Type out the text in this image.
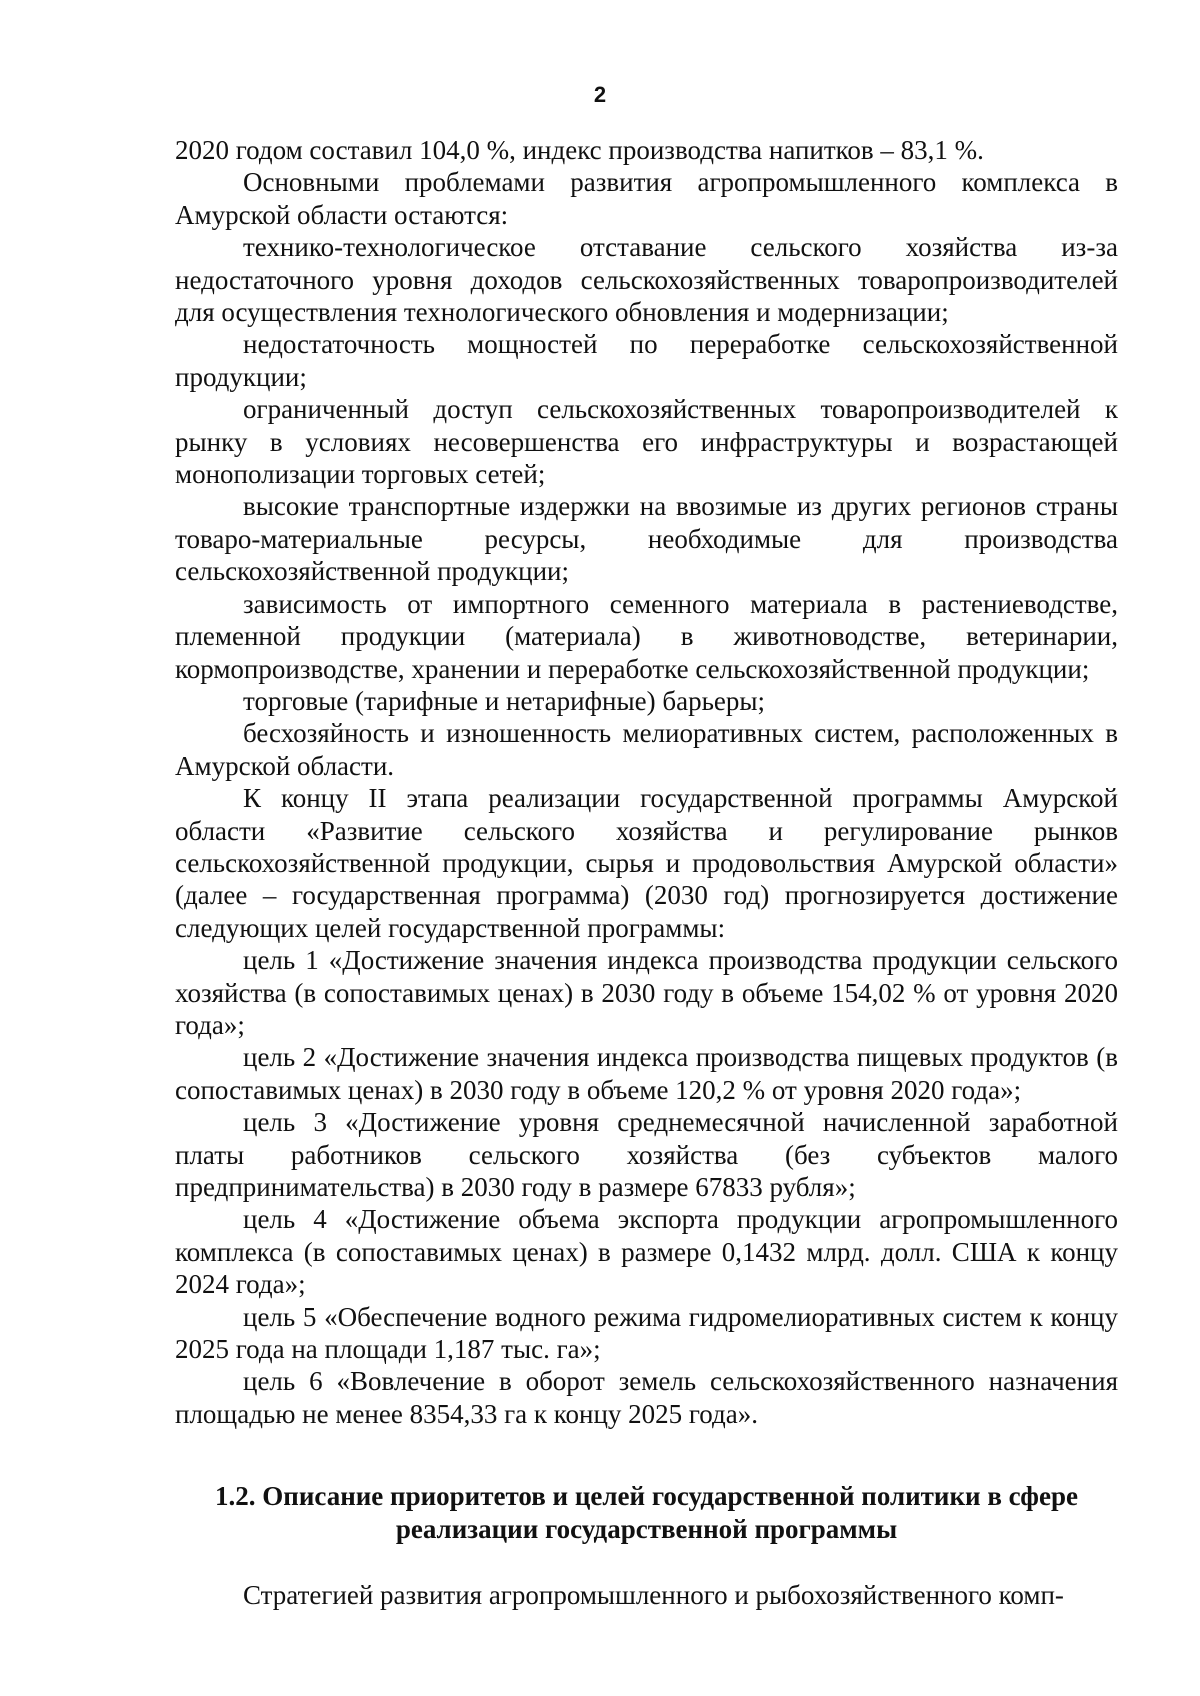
2

2020 годом составил 104,0 %, индекс производства напитков – 83,1 %.

Основными проблемами развития агропромышленного комплекса в Амурской области остаются:

технико-технологическое отставание сельского хозяйства из-за недостаточного уровня доходов сельскохозяйственных товаропроизводителей для осуществления технологического обновления и модернизации;

недостаточность мощностей по переработке сельскохозяйственной продукции;

ограниченный доступ сельскохозяйственных товаропроизводителей к рынку в условиях несовершенства его инфраструктуры и возрастающей монополизации торговых сетей;

высокие транспортные издержки на ввозимые из других регионов страны товаро-материальные ресурсы, необходимые для производства сельскохозяйственной продукции;

зависимость от импортного семенного материала в растениеводстве, племенной продукции (материала) в животноводстве, ветеринарии, кормопроизводстве, хранении и переработке сельскохозяйственной продукции;

торговые (тарифные и нетарифные) барьеры;

бесхозяйность и изношенность мелиоративных систем, расположенных в Амурской области.

К концу II этапа реализации государственной программы Амурской области «Развитие сельского хозяйства и регулирование рынков сельскохозяйственной продукции, сырья и продовольствия Амурской области» (далее – государственная программа) (2030 год) прогнозируется достижение следующих целей государственной программы:

цель 1 «Достижение значения индекса производства продукции сельского хозяйства (в сопоставимых ценах) в 2030 году в объеме 154,02 % от уровня 2020 года»;

цель 2 «Достижение значения индекса производства пищевых продуктов (в сопоставимых ценах) в 2030 году в объеме 120,2 % от уровня 2020 года»;

цель 3 «Достижение уровня среднемесячной начисленной заработной платы работников сельского хозяйства (без субъектов малого предпринимательства) в 2030 году в размере 67833 рубля»;

цель 4 «Достижение объема экспорта продукции агропромышленного комплекса (в сопоставимых ценах) в размере 0,1432 млрд. долл. США к концу 2024 года»;

цель 5 «Обеспечение водного режима гидромелиоративных систем к концу 2025 года на площади 1,187 тыс. га»;

цель 6 «Вовлечение в оборот земель сельскохозяйственного назначения площадью не менее 8354,33 га к концу 2025 года».

1.2. Описание приоритетов и целей государственной политики в сфере
реализации государственной программы

Стратегией развития агропромышленного и рыбохозяйственного комп-
